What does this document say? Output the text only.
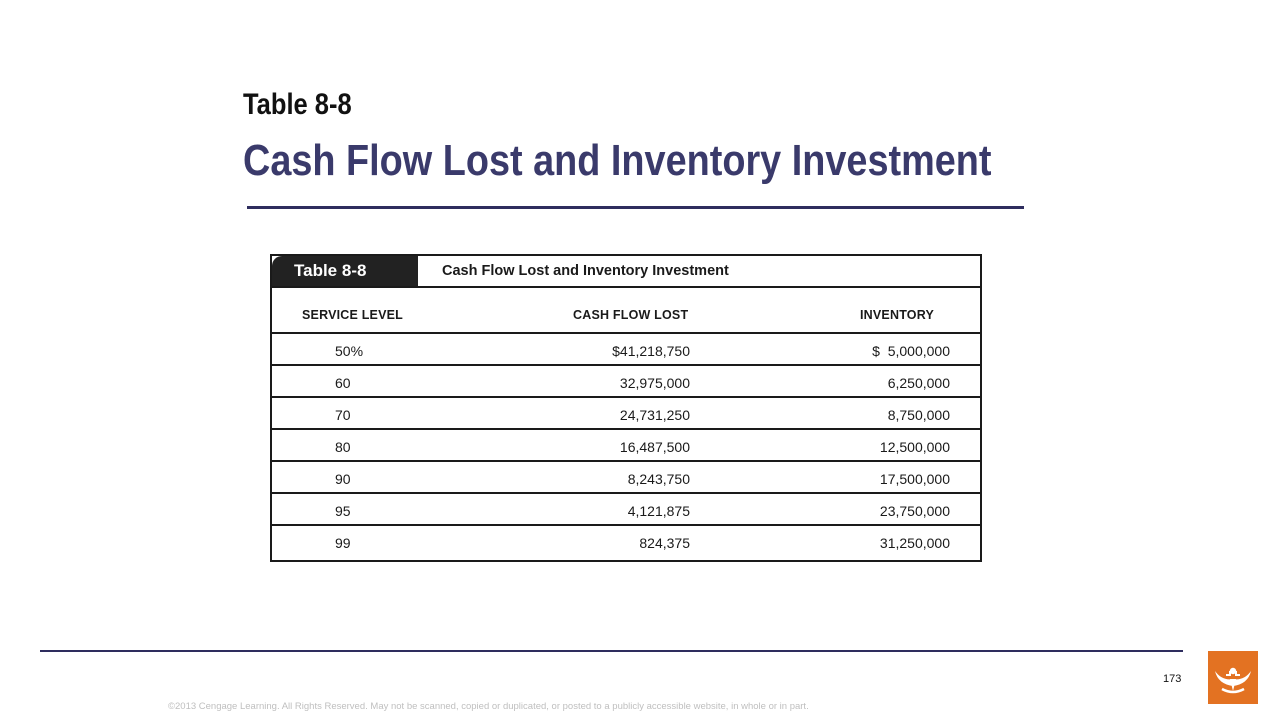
Table 8-8
Cash Flow Lost and Inventory Investment
Table 8-8	Cash Flow Lost and Inventory Investment
SERVICE LEVEL	CASH FLOW LOST	INVENTORY
50%	$41,218,750	$  5,000,000
60	32,975,000	6,250,000
70	24,731,250	8,750,000
80	16,487,500	12,500,000
90	8,243,750	17,500,000
95	4,121,875	23,750,000
99	824,375	31,250,000
173
©2013 Cengage Learning. All Rights Reserved. May not be scanned, copied or duplicated, or posted to a publicly accessible website, in whole or in part.
